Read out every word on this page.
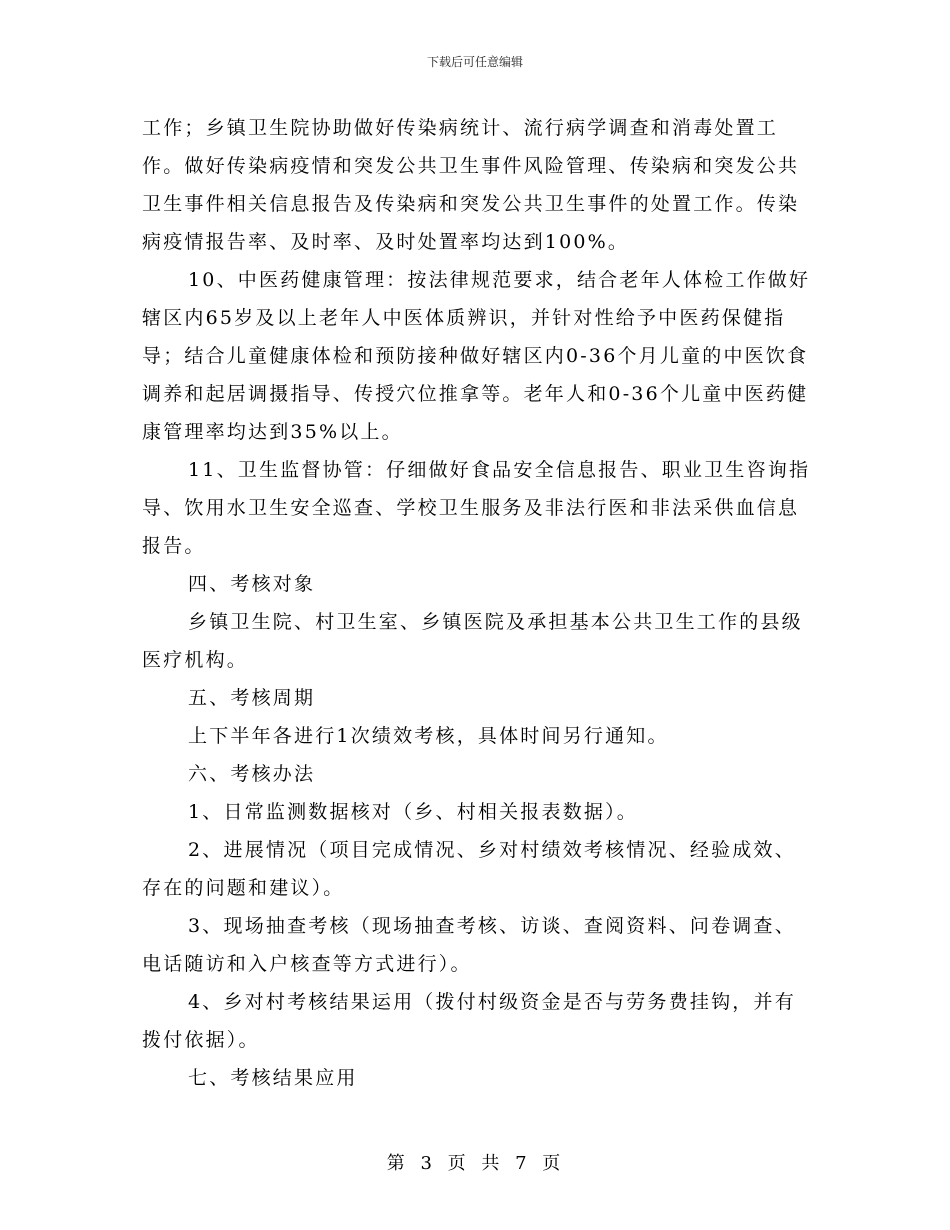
下载后可任意编辑

工作；乡镇卫生院协助做好传染病统计、流行病学调查和消毒处置工作。做好传染病疫情和突发公共卫生事件风险管理、传染病和突发公共卫生事件相关信息报告及传染病和突发公共卫生事件的处置工作。传染病疫情报告率、及时率、及时处置率均达到100%。

10、中医药健康管理：按法律规范要求，结合老年人体检工作做好辖区内65岁及以上老年人中医体质辨识，并针对性给予中医药保健指导；结合儿童健康体检和预防接种做好辖区内0-36个月儿童的中医饮食调养和起居调摄指导、传授穴位推拿等。老年人和0-36个儿童中医药健康管理率均达到35%以上。

11、卫生监督协管：仔细做好食品安全信息报告、职业卫生咨询指导、饮用水卫生安全巡查、学校卫生服务及非法行医和非法采供血信息报告。

四、考核对象

乡镇卫生院、村卫生室、乡镇医院及承担基本公共卫生工作的县级医疗机构。

五、考核周期

上下半年各进行1次绩效考核，具体时间另行通知。

六、考核办法

1、日常监测数据核对（乡、村相关报表数据）。

2、进展情况（项目完成情况、乡对村绩效考核情况、经验成效、存在的问题和建议）。

3、现场抽查考核（现场抽查考核、访谈、查阅资料、问卷调查、电话随访和入户核查等方式进行）。

4、乡对村考核结果运用（拨付村级资金是否与劳务费挂钩，并有拨付依据）。

七、考核结果应用

第 3 页 共 7 页
